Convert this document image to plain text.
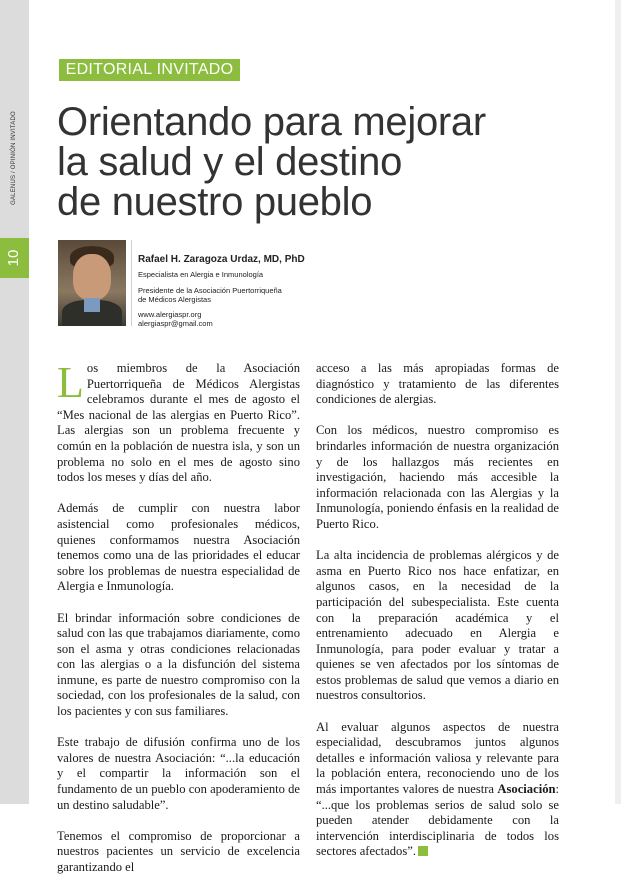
10
GALENUS / OPINIÓN INVITADO
EDITORIAL INVITADO
Orientando para mejorar
la salud y el destino
de nuestro pueblo
Rafael H. Zaragoza Urdaz, MD, PhD
Especialista en Alergia e Inmunología
Presidente de la Asociación Puertorriqueña
de Médicos Alergistas
www.alergiaspr.org
alergiaspr@gmail.com

Los miembros de la Asociación Puertorriqueña de Médicos Alergistas celebramos durante el mes de agosto el “Mes nacional de las alergias en Puerto Rico”. Las alergias son un problema frecuente y común en la población de nuestra isla, y son un problema no solo en el mes de agosto sino todos los meses y días del año.

Además de cumplir con nuestra labor asistencial como profesionales médicos, quienes conformamos nuestra Asociación tenemos como una de las prioridades el educar sobre los problemas de nuestra especialidad de Alergia e Inmunología.

El brindar información sobre condiciones de salud con las que trabajamos diariamente, como son el asma y otras condiciones relacionadas con las alergias o a la disfunción del sistema inmune, es parte de nuestro compromiso con la sociedad, con los profesionales de la salud, con los pacientes y con sus familiares.

Este trabajo de difusión confirma uno de los valores de nuestra Asociación: “...la educación y el compartir la información son el fundamento de un pueblo con apoderamiento de un destino saludable”.

Tenemos el compromiso de proporcionar a nuestros pacientes un servicio de excelencia garantizando el

acceso a las más apropiadas formas de diagnóstico y tratamiento de las diferentes condiciones de alergias.

Con los médicos, nuestro compromiso es brindarles información de nuestra organización y de los hallazgos más recientes en investigación, haciendo más accesible la información relacionada con las Alergias y la Inmunología, poniendo énfasis en la realidad de Puerto Rico.

La alta incidencia de problemas alérgicos y de asma en Puerto Rico nos hace enfatizar, en algunos casos, en la necesidad de la participación del subespecialista. Este cuenta con la preparación académica y el entrenamiento adecuado en Alergia e Inmunología, para poder evaluar y tratar a quienes se ven afectados por los síntomas de estos problemas de salud que vemos a diario en nuestros consultorios.

Al evaluar algunos aspectos de nuestra especialidad, descubramos juntos algunos detalles e información valiosa y relevante para la población entera, reconociendo uno de los más importantes valores de nuestra Asociación: “...que los problemas serios de salud solo se pueden atender debidamente con la intervención interdisciplinaria de todos los sectores afectados”.
